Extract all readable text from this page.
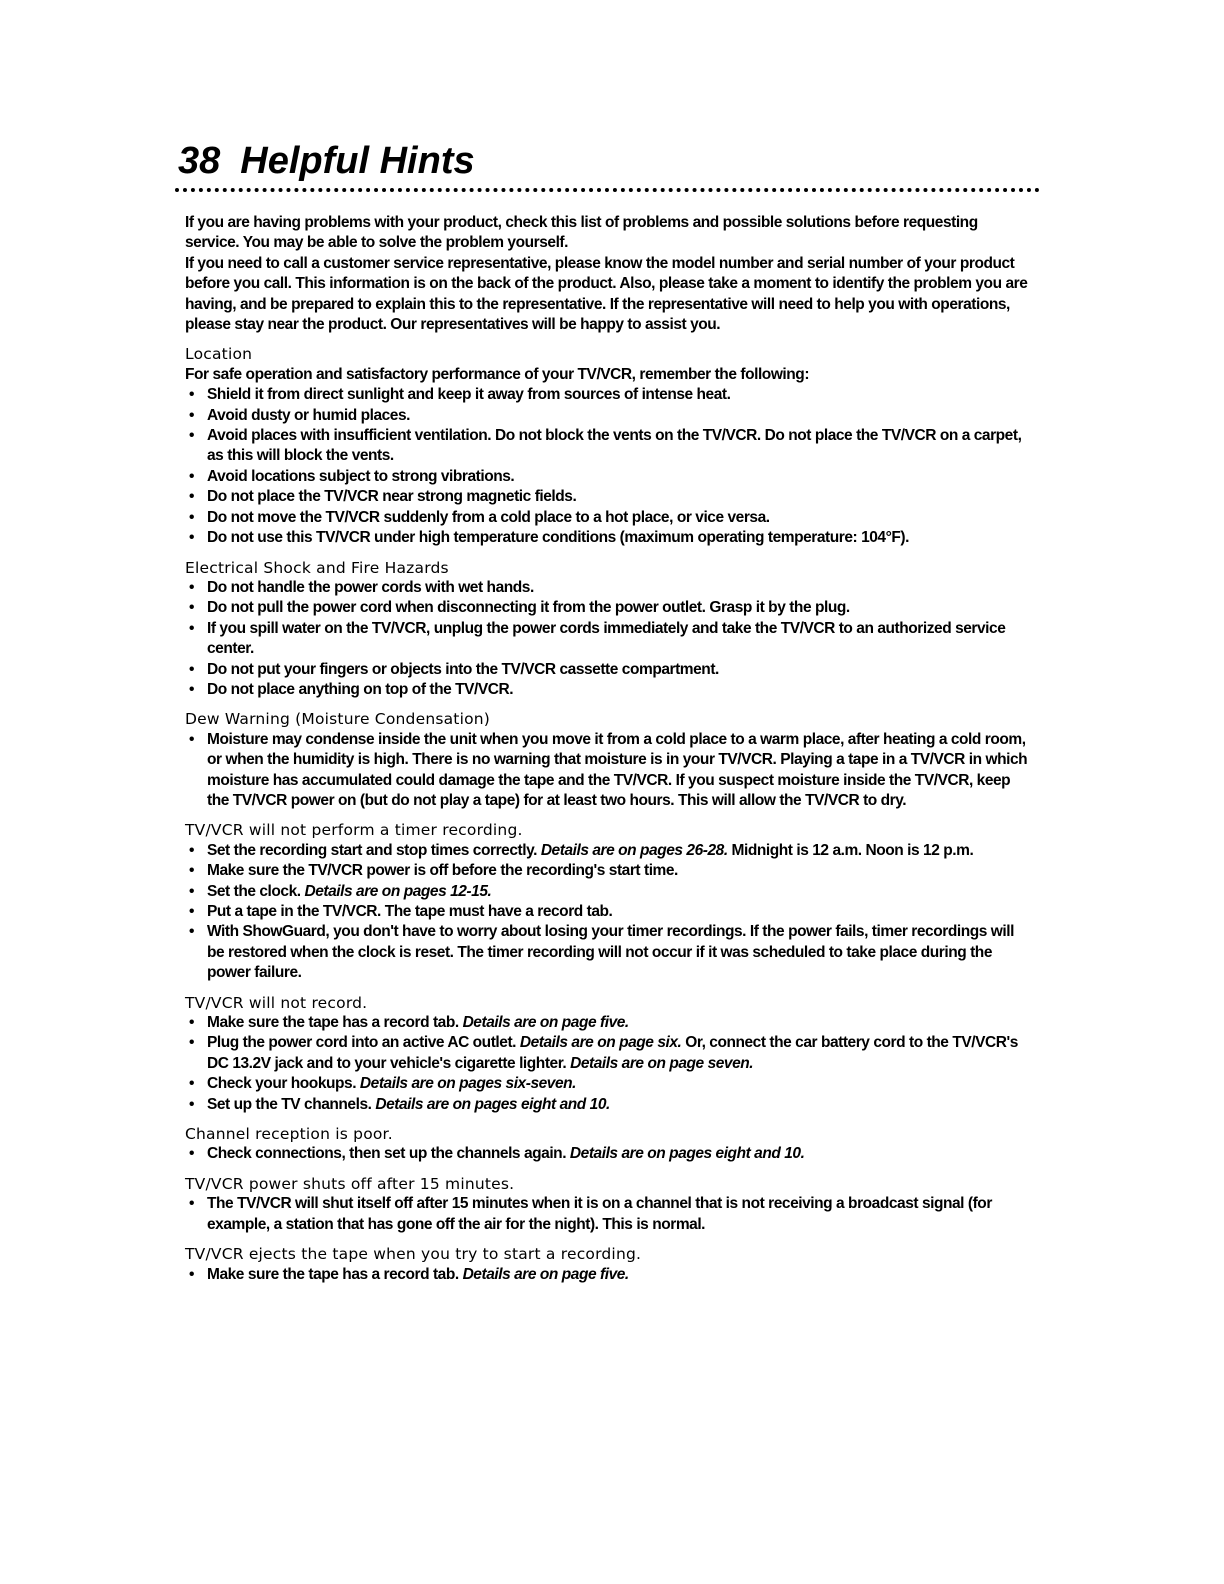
38 Helpful Hints

If you are having problems with your product, check this list of problems and possible solutions before requesting service. You may be able to solve the problem yourself.

If you need to call a customer service representative, please know the model number and serial number of your product before you call. This information is on the back of the product. Also, please take a moment to identify the problem you are having, and be prepared to explain this to the representative. If the representative will need to help you with operations, please stay near the product. Our representatives will be happy to assist you.

Location

For safe operation and satisfactory performance of your TV/VCR, remember the following:

• Shield it from direct sunlight and keep it away from sources of intense heat.
• Avoid dusty or humid places.
• Avoid places with insufficient ventilation. Do not block the vents on the TV/VCR. Do not place the TV/VCR on a carpet, as this will block the vents.
• Avoid locations subject to strong vibrations.
• Do not place the TV/VCR near strong magnetic fields.
• Do not move the TV/VCR suddenly from a cold place to a hot place, or vice versa.
• Do not use this TV/VCR under high temperature conditions (maximum operating temperature: 104°F).

Electrical Shock and Fire Hazards

• Do not handle the power cords with wet hands.
• Do not pull the power cord when disconnecting it from the power outlet. Grasp it by the plug.
• If you spill water on the TV/VCR, unplug the power cords immediately and take the TV/VCR to an authorized service center.
• Do not put your fingers or objects into the TV/VCR cassette compartment.
• Do not place anything on top of the TV/VCR.

Dew Warning (Moisture Condensation)

• Moisture may condense inside the unit when you move it from a cold place to a warm place, after heating a cold room, or when the humidity is high. There is no warning that moisture is in your TV/VCR. Playing a tape in a TV/VCR in which moisture has accumulated could damage the tape and the TV/VCR. If you suspect moisture inside the TV/VCR, keep the TV/VCR power on (but do not play a tape) for at least two hours. This will allow the TV/VCR to dry.

TV/VCR will not perform a timer recording.

• Set the recording start and stop times correctly. Details are on pages 26-28. Midnight is 12 a.m. Noon is 12 p.m.
• Make sure the TV/VCR power is off before the recording's start time.
• Set the clock. Details are on pages 12-15.
• Put a tape in the TV/VCR. The tape must have a record tab.
• With ShowGuard, you don't have to worry about losing your timer recordings. If the power fails, timer recordings will be restored when the clock is reset. The timer recording will not occur if it was scheduled to take place during the power failure.

TV/VCR will not record.

• Make sure the tape has a record tab. Details are on page five.
• Plug the power cord into an active AC outlet. Details are on page six. Or, connect the car battery cord to the TV/VCR's DC 13.2V jack and to your vehicle's cigarette lighter. Details are on page seven.
• Check your hookups. Details are on pages six-seven.
• Set up the TV channels. Details are on pages eight and 10.

Channel reception is poor.

• Check connections, then set up the channels again. Details are on pages eight and 10.

TV/VCR power shuts off after 15 minutes.

• The TV/VCR will shut itself off after 15 minutes when it is on a channel that is not receiving a broadcast signal (for example, a station that has gone off the air for the night). This is normal.

TV/VCR ejects the tape when you try to start a recording.

• Make sure the tape has a record tab. Details are on page five.
